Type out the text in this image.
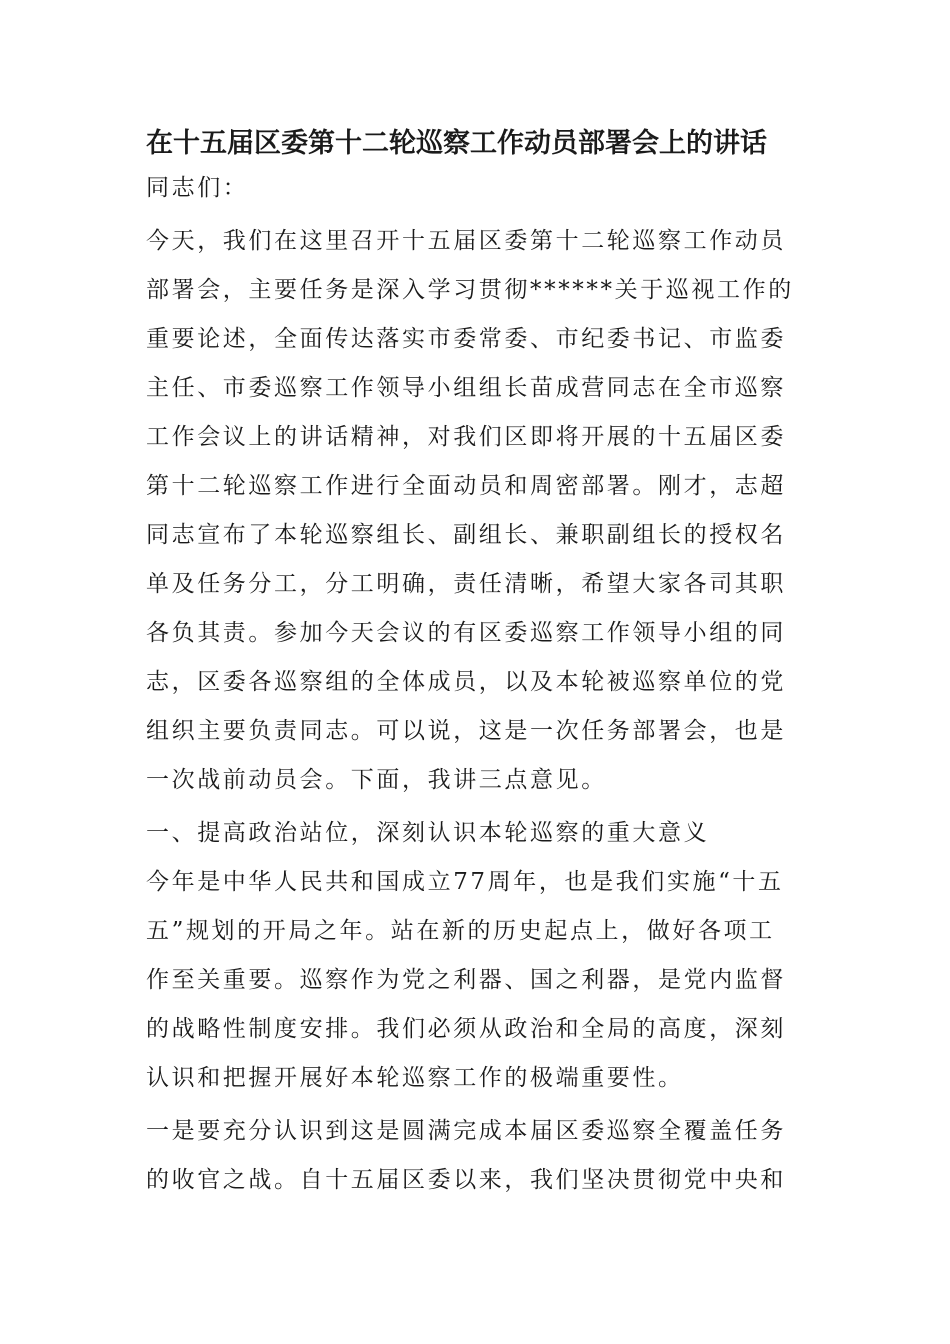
在十五届区委第十二轮巡察工作动员部署会上的讲话
同志们：
今天，我们在这里召开十五届区委第十二轮巡察工作动员
部署会，主要任务是深入学习贯彻******关于巡视工作的
重要论述，全面传达落实市委常委、市纪委书记、市监委
主任、市委巡察工作领导小组组长苗成营同志在全市巡察
工作会议上的讲话精神，对我们区即将开展的十五届区委
第十二轮巡察工作进行全面动员和周密部署。刚才，志超
同志宣布了本轮巡察组长、副组长、兼职副组长的授权名
单及任务分工，分工明确，责任清晰，希望大家各司其职
各负其责。参加今天会议的有区委巡察工作领导小组的同
志，区委各巡察组的全体成员，以及本轮被巡察单位的党
组织主要负责同志。可以说，这是一次任务部署会，也是
一次战前动员会。下面，我讲三点意见。
一、提高政治站位，深刻认识本轮巡察的重大意义
今年是中华人民共和国成立77周年，也是我们实施“十五
五”规划的开局之年。站在新的历史起点上，做好各项工
作至关重要。巡察作为党之利器、国之利器，是党内监督
的战略性制度安排。我们必须从政治和全局的高度，深刻
认识和把握开展好本轮巡察工作的极端重要性。
一是要充分认识到这是圆满完成本届区委巡察全覆盖任务
的收官之战。自十五届区委以来，我们坚决贯彻党中央和
